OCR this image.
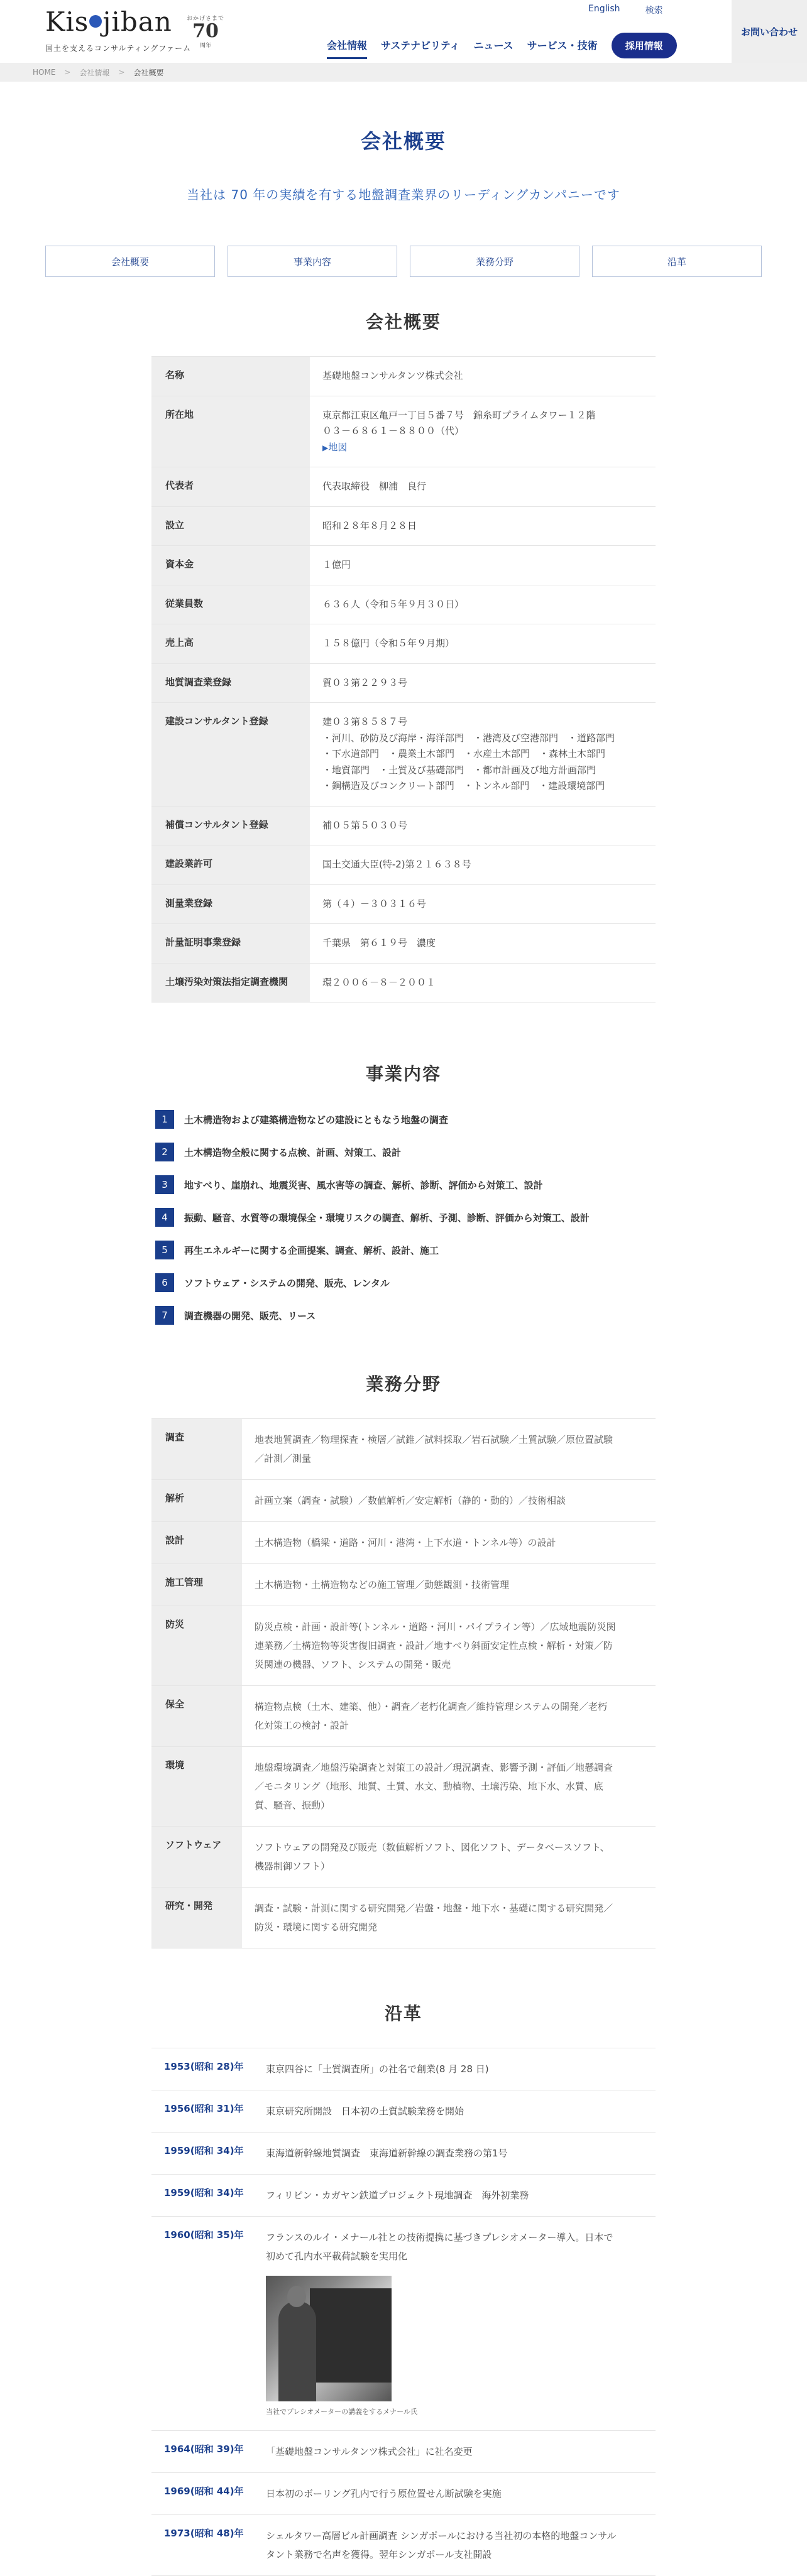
Kis jiban
国土を支えるコンサルティングファーム
おかげさまで
70
周年
English	検索
会社情報 サステナビリティ ニュース サービス・技術	採用情報
お問い合わせ
HOME > 会社情報 > 会社概要
会社概要

当社は 70 年の実績を有する地盤調査業界のリーディングカンパニーです

会社概要	事業内容	業務分野	沿革
会社概要
名称	基礎地盤コンサルタンツ株式会社
所在地	東京都江東区亀戸一丁目５番７号　錦糸町プライムタワー１２階
０３－６８６１－８８００（代）
▶ 地図
代表者	代表取締役　柳浦　良行
設立	昭和２８年８月２８日
資本金	１億円
従業員数	６３６人（令和５年９月３０日）
売上高	１５８億円（令和５年９月期）
地質調査業登録	質０３第２２９３号
建設コンサルタント登録	建０３第８５８７号
・河川、砂防及び海岸・海洋部門　・港湾及び空港部門　・道路部門
・下水道部門　・農業土木部門　・水産土木部門　・森林土木部門
・地質部門　・土質及び基礎部門　・都市計画及び地方計画部門
・鋼構造及びコンクリート部門　・トンネル部門　・建設環境部門
補償コンサルタント登録	補０５第５０３０号
建設業許可	国土交通大臣(特-2)第２１６３８号
測量業登録	第（４）－３０３１６号
計量証明事業登録	千葉県　第６１９号　濃度
土壌汚染対策法指定調査機関	環２００６－８－２００１
事業内容
1	土木構造物および建築構造物などの建設にともなう地盤の調査
2	土木構造物全般に関する点検、計画、対策工、設計
3	地すべり、崖崩れ、地震災害、風水害等の調査、解析、診断、評価から対策工、設計
4	振動、騒音、水質等の環境保全・環境リスクの調査、解析、予測、診断、評価から対策工、設計
5	再生エネルギーに関する企画提案、調査、解析、設計、施工
6	ソフトウェア・システムの開発、販売、レンタル
7	調査機器の開発、販売、リース
業務分野
調査	地表地質調査／物理探査・検層／試錐／試料採取／岩石試験／土質試験／原位置試験
／計測／測量
解析	計画立案（調査・試験）／数値解析／安定解析（静的・動的）／技術相談
設計	土木構造物（橋梁・道路・河川・港湾・上下水道・トンネル等）の設計
施工管理	土木構造物・土構造物などの施工管理／動態観測・技術管理
防災	防災点検・計画・設計等(トンネル・道路・河川・パイプライン等）／広域地震防災関
連業務／土構造物等災害復旧調査・設計／地すべり斜面安定性点検・解析・対策／防
災関連の機器、ソフト、システムの開発・販売
保全	構造物点検（土木、建築、他）・調査／老朽化調査／維持管理システムの開発／老朽
化対策工の検討・設計
環境	地盤環境調査／地盤汚染調査と対策工の設計／現況調査、影響予測・評価／地懸調査
／モニタリング（地形、地質、土質、水文、動植物、土壌汚染、地下水、水質、底
質、騒音、振動）
ソフトウェア	ソフトウェアの開発及び販売（数値解析ソフト、図化ソフト、データベースソフト、
機器制御ソフト）
研究・開発	調査・試験・計測に関する研究開発／岩盤・地盤・地下水・基礎に関する研究開発／
防災・環境に関する研究開発
沿革
1953(昭和 28)年	東京四谷に「土質調査所」の社名で創業(8 月 28 日)
1956(昭和 31)年	東京研究所開設　日本初の土質試験業務を開始
1959(昭和 34)年	東海道新幹線地質調査　東海道新幹線の調査業務の第1号
1959(昭和 34)年	フィリピン・カガヤン鉄道プロジェクト現地調査　海外初業務
1960(昭和 35)年	フランスのルイ・メナール社との技術提携に基づきプレシオメーター導入。日本で
初めて孔内水平載荷試験を実用化
当社でプレシオメーターの講義をするメナール氏
1964(昭和 39)年	「基礎地盤コンサルタンツ株式会社」に社名変更
1969(昭和 44)年	日本初のボーリング孔内で行う原位置せん断試験を実施
1973(昭和 48)年	シェルタワー高層ビル計画調査 シンガポールにおける当社初の本格的地盤コンサル
タント業務で名声を獲得。翌年シンガポール支社開設
